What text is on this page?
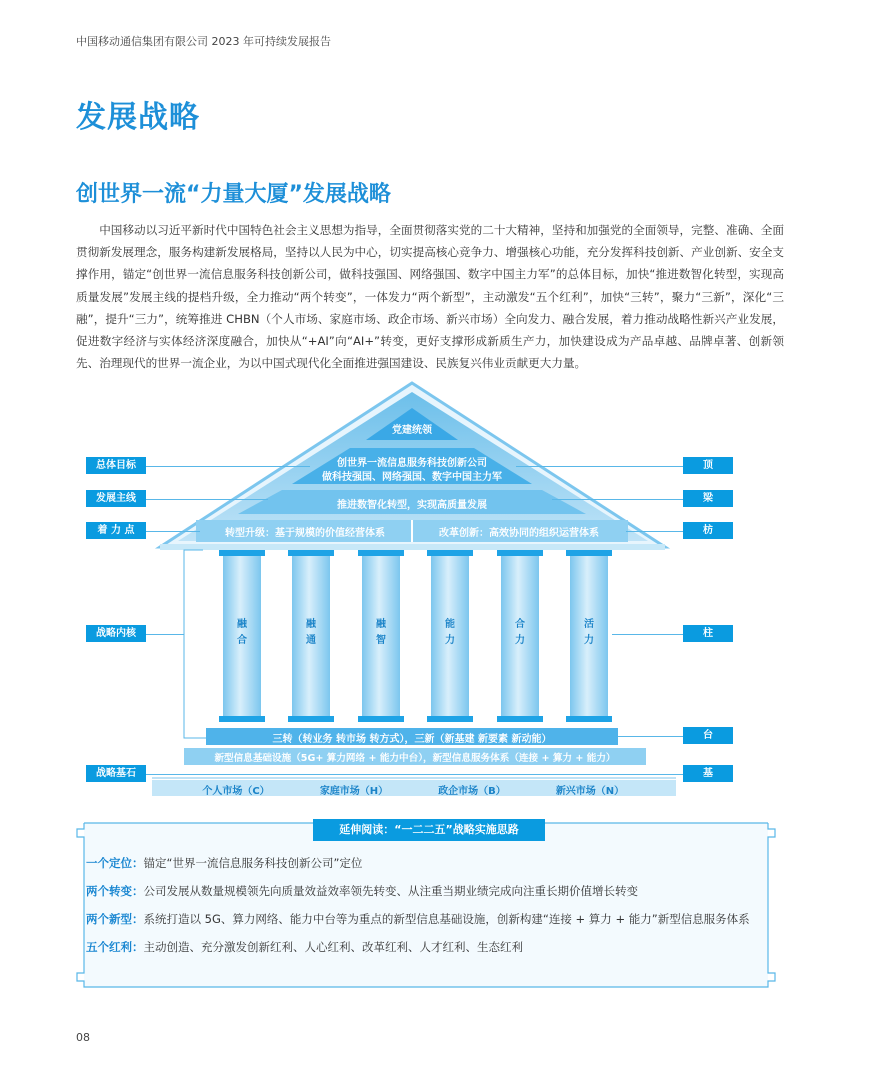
中国移动通信集团有限公司 2023 年可持续发展报告
发展战略
创世界一流“力量大厦”发展战略

中国移动以习近平新时代中国特色社会主义思想为指导，全面贯彻落实党的二十大精神，坚持和加强党的全面领导，完整、准确、全面贯彻新发展理念，服务构建新发展格局，坚持以人民为中心，切实提高核心竞争力、增强核心功能，充分发挥科技创新、产业创新、安全支撑作用，锚定“创世界一流信息服务科技创新公司，做科技强国、网络强国、数字中国主力军”的总体目标，加快“推进数智化转型，实现高质量发展”发展主线的提档升级，全力推动“两个转变”，一体发力“两个新型”，主动激发“五个红利”，加快“三转”，聚力“三新”，深化“三融”，提升“三力”，统筹推进 CHBN（个人市场、家庭市场、政企市场、新兴市场）全向发力、融合发展，着力推动战略性新兴产业发展，促进数字经济与实体经济深度融合，加快从“+AI”向“AI+”转变，更好支撑形成新质生产力，加快建设成为产品卓越、品牌卓著、创新领先、治理现代的世界一流企业，为以中国式现代化全面推进强国建设、民族复兴伟业贡献更大力量。

总体目标
发展主线
着 力 点
战略内核
战略基石
顶
梁
枋
柱
台
基
党建统领
创世界一流信息服务科技创新公司
做科技强国、网络强国、数字中国主力军
推进数智化转型，实现高质量发展
转型升级：基于规模的价值经营体系	改革创新：高效协同的组织运营体系
融
合
融
通
融
智
能
力
合
力
活
力
三转（转业务 转市场 转方式），三新（新基建 新要素 新动能）
新型信息基础设施（5G+ 算力网络 + 能力中台），新型信息服务体系（连接 + 算力 + 能力）
个人市场（C）	家庭市场（H）	政企市场（B）	新兴市场（N）
延伸阅读：“一二二五”战略实施思路
一个定位：锚定“世界一流信息服务科技创新公司”定位
两个转变：公司发展从数量规模领先向质量效益效率领先转变、从注重当期业绩完成向注重长期价值增长转变
两个新型：系统打造以 5G、算力网络、能力中台等为重点的新型信息基础设施，创新构建“连接 + 算力 + 能力”新型信息服务体系
五个红利：主动创造、充分激发创新红利、人心红利、改革红利、人才红利、生态红利
08
